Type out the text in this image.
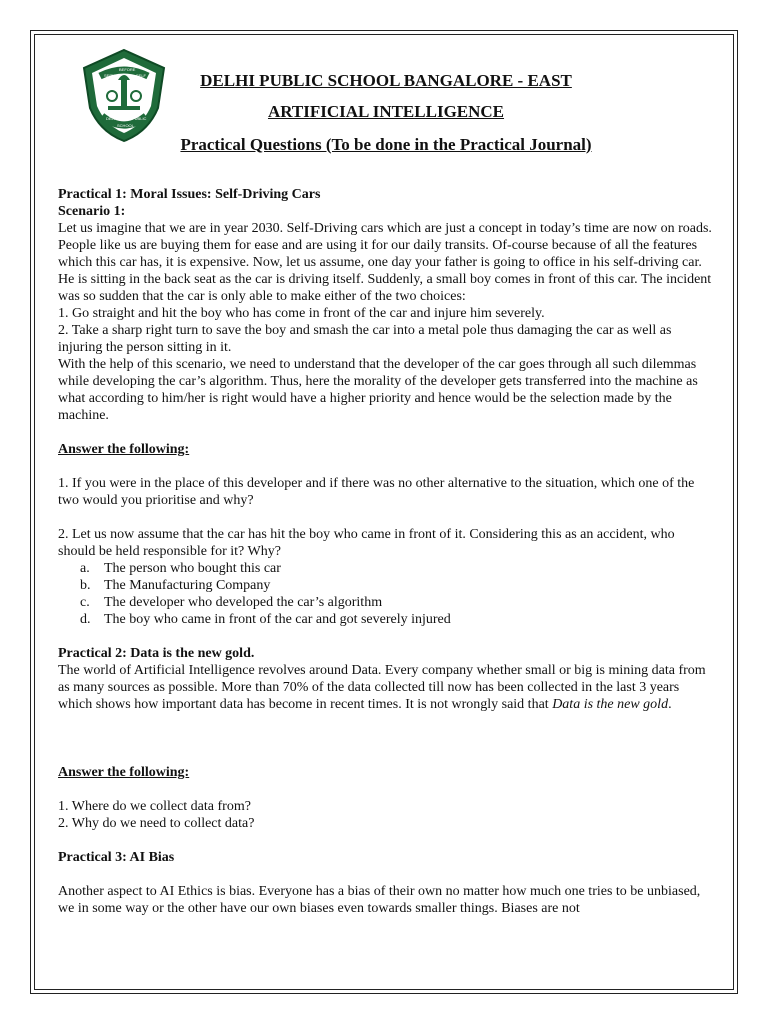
SERVICE
BEFORE
SELF
DELHI	PUBLIC
SCHOOL
DELHI PUBLIC SCHOOL BANGALORE - EAST
ARTIFICIAL INTELLIGENCE
Practical Questions (To be done in the Practical Journal)

Practical 1: Moral Issues: Self-Driving Cars

Scenario 1:

Let us imagine that we are in year 2030. Self-Driving cars which are just a concept in today’s time are now on roads. People like us are buying them for ease and are using it for our daily transits. Of-course because of all the features which this car has, it is expensive. Now, let us assume, one day your father is going to office in his self-driving car. He is sitting in the back seat as the car is driving itself. Suddenly, a small boy comes in front of this car. The incident was so sudden that the car is only able to make either of the two choices:

1. Go straight and hit the boy who has come in front of the car and injure him severely.

2. Take a sharp right turn to save the boy and smash the car into a metal pole thus damaging the car as well as injuring the person sitting in it.

With the help of this scenario, we need to understand that the developer of the car goes through all such dilemmas while developing the car’s algorithm. Thus, here the morality of the developer gets transferred into the machine as what according to him/her is right would have a higher priority and hence would be the selection made by the machine.

Answer the following:

1. If you were in the place of this developer and if there was no other alternative to the situation, which one of the two would you prioritise and why?

2. Let us now assume that the car has hit the boy who came in front of it. Considering this as an accident, who should be held responsible for it? Why?

a. The person who bought this car

b. The Manufacturing Company

c. The developer who developed the car’s algorithm

d. The boy who came in front of the car and got severely injured

Practical 2: Data is the new gold.

The world of Artificial Intelligence revolves around Data. Every company whether small or big is mining data from as many sources as possible. More than 70% of the data collected till now has been collected in the last 3 years which shows how important data has become in recent times. It is not wrongly said that Data is the new gold.

Answer the following:

1. Where do we collect data from?

2. Why do we need to collect data?

Practical 3: AI Bias

Another aspect to AI Ethics is bias. Everyone has a bias of their own no matter how much one tries to be unbiased, we in some way or the other have our own biases even towards smaller things. Biases are not
